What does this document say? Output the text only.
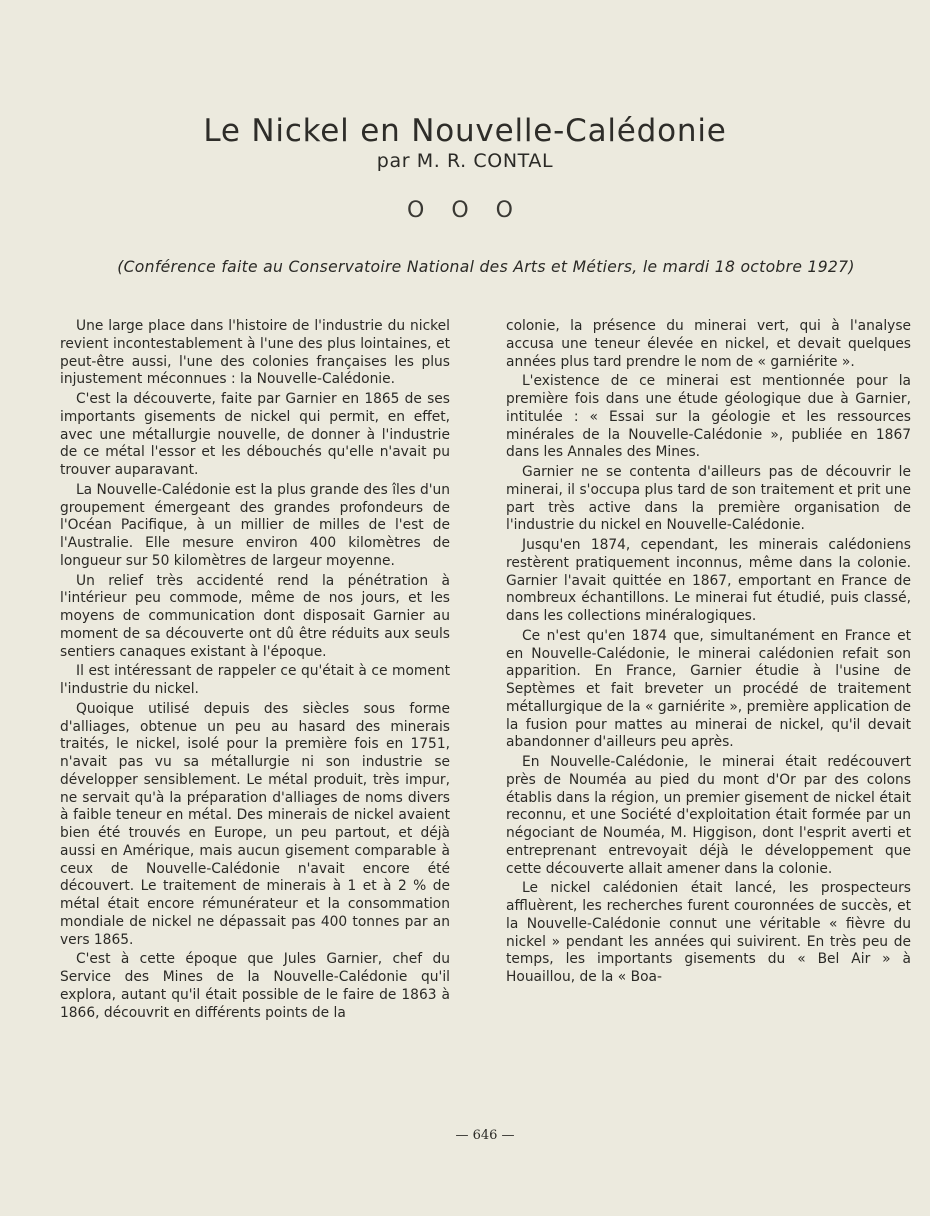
Le Nickel en Nouvelle-Calédonie
par M. R. CONTAL
O O O
(Conférence faite au Conservatoire National des Arts et Métiers, le mardi 18 octobre 1927)

Une large place dans l'histoire de l'industrie du nickel revient incontestablement à l'une des plus lointaines, et peut-être aussi, l'une des colonies françaises les plus injustement méconnues : la Nouvelle-Calédonie.

C'est la découverte, faite par Garnier en 1865 de ses importants gisements de nickel qui permit, en effet, avec une métallurgie nouvelle, de donner à l'industrie de ce métal l'essor et les débouchés qu'elle n'avait pu trouver auparavant.

La Nouvelle-Calédonie est la plus grande des îles d'un groupement émergeant des grandes profondeurs de l'Océan Pacifique, à un millier de milles de l'est de l'Australie. Elle mesure environ 400 kilomètres de longueur sur 50 kilomètres de largeur moyenne.

Un relief très accidenté rend la pénétration à l'intérieur peu commode, même de nos jours, et les moyens de communication dont disposait Garnier au moment de sa découverte ont dû être réduits aux seuls sentiers canaques existant à l'époque.

Il est intéressant de rappeler ce qu'était à ce moment l'industrie du nickel.

Quoique utilisé depuis des siècles sous forme d'alliages, obtenue un peu au hasard des minerais traités, le nickel, isolé pour la première fois en 1751, n'avait pas vu sa métallurgie ni son industrie se développer sensiblement. Le métal produit, très impur, ne servait qu'à la préparation d'alliages de noms divers à faible teneur en métal. Des minerais de nickel avaient bien été trouvés en Europe, un peu partout, et déjà aussi en Amérique, mais aucun gisement comparable à ceux de Nouvelle-Calédonie n'avait encore été découvert. Le traitement de minerais à 1 et à 2 % de métal était encore rémunérateur et la consommation mondiale de nickel ne dépassait pas 400 tonnes par an vers 1865.

C'est à cette époque que Jules Garnier, chef du Service des Mines de la Nouvelle-Calédonie qu'il explora, autant qu'il était possible de le faire de 1863 à 1866, découvrit en différents points de la

colonie, la présence du minerai vert, qui à l'analyse accusa une teneur élevée en nickel, et devait quelques années plus tard prendre le nom de « garniérite ».

L'existence de ce minerai est mentionnée pour la première fois dans une étude géologique due à Garnier, intitulée : « Essai sur la géologie et les ressources minérales de la Nouvelle-Calédonie », publiée en 1867 dans les Annales des Mines.

Garnier ne se contenta d'ailleurs pas de découvrir le minerai, il s'occupa plus tard de son traitement et prit une part très active dans la première organisation de l'industrie du nickel en Nouvelle-Calédonie.

Jusqu'en 1874, cependant, les minerais calédoniens restèrent pratiquement inconnus, même dans la colonie. Garnier l'avait quittée en 1867, emportant en France de nombreux échantillons. Le minerai fut étudié, puis classé, dans les collections minéralogiques.

Ce n'est qu'en 1874 que, simultanément en France et en Nouvelle-Calédonie, le minerai calédonien refait son apparition. En France, Garnier étudie à l'usine de Septèmes et fait breveter un procédé de traitement métallurgique de la « garniérite », première application de la fusion pour mattes au minerai de nickel, qu'il devait abandonner d'ailleurs peu après.

En Nouvelle-Calédonie, le minerai était redécouvert près de Nouméa au pied du mont d'Or par des colons établis dans la région, un premier gisement de nickel était reconnu, et une Société d'exploitation était formée par un négociant de Nouméa, M. Higgison, dont l'esprit averti et entreprenant entrevoyait déjà le développement que cette découverte allait amener dans la colonie.

Le nickel calédonien était lancé, les prospecteurs affluèrent, les recherches furent couronnées de succès, et la Nouvelle-Calédonie connut une véritable « fièvre du nickel » pendant les années qui suivirent. En très peu de temps, les importants gisements du « Bel Air » à Houaillou, de la « Boa-

— 646 —
